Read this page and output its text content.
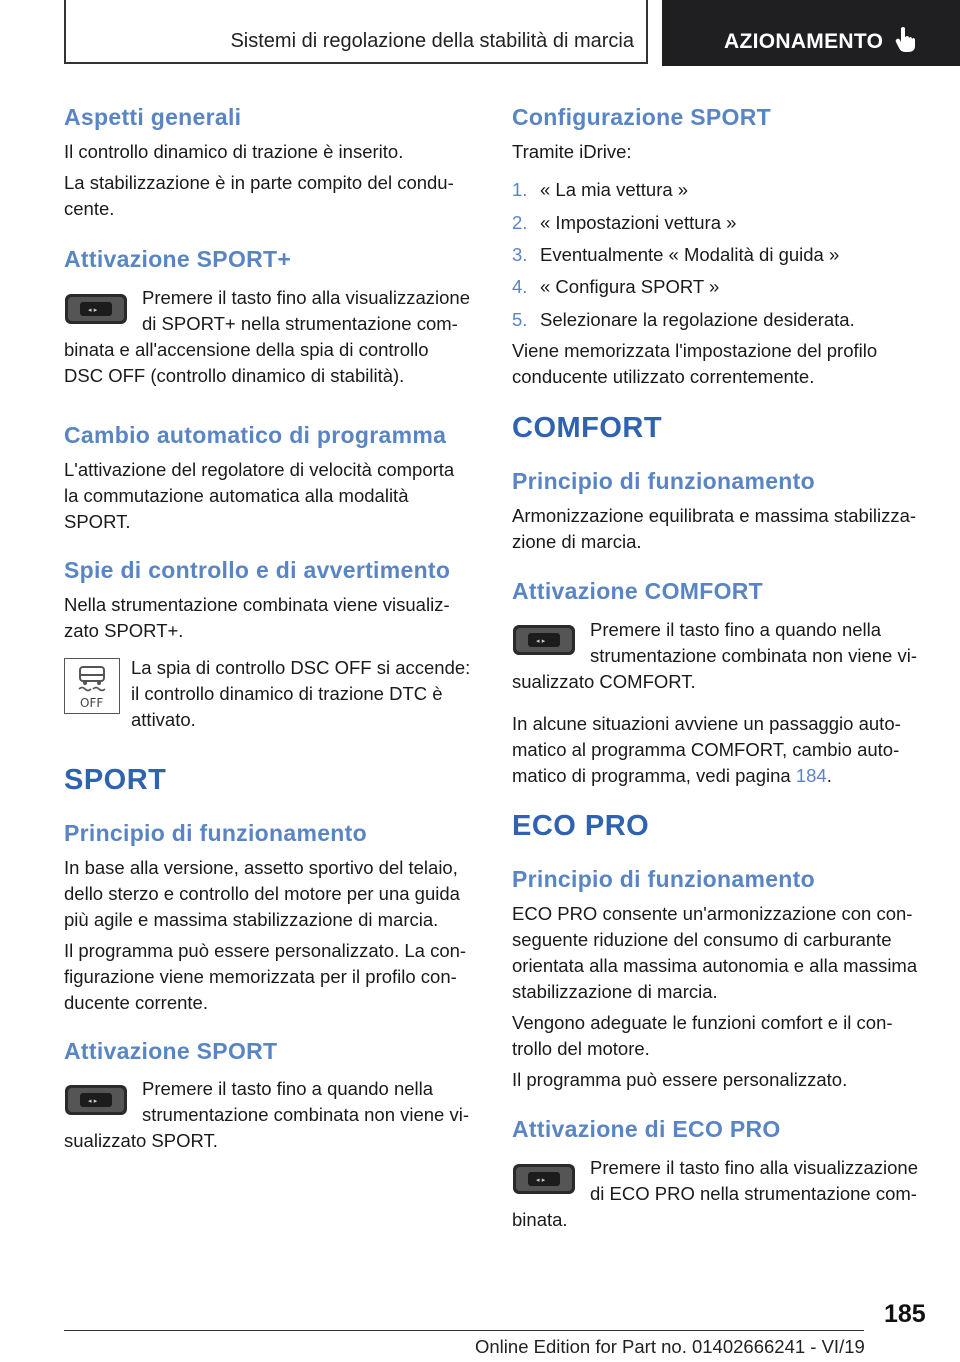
Sistemi di regolazione della stabilità di marcia	AZIONAMENTO
Aspetti generali
Il controllo dinamico di trazione è inserito.
La stabilizzazione è in parte compito del condu-
cente.
Attivazione SPORT+
◂ ▸
Premere il tasto fino alla visualizzazione
di SPORT+ nella strumentazione com-
binata e all'accensione della spia di controllo
DSC OFF (controllo dinamico di stabilità).
Cambio automatico di programma
L'attivazione del regolatore di velocità comporta
la commutazione automatica alla modalità
SPORT.
Spie di controllo e di avvertimento
Nella strumentazione combinata viene visualiz-
zato SPORT+.
OFF
La spia di controllo DSC OFF si accende:
il controllo dinamico di trazione DTC è
attivato.
SPORT
Principio di funzionamento
In base alla versione, assetto sportivo del telaio,
dello sterzo e controllo del motore per una guida
più agile e massima stabilizzazione di marcia.
Il programma può essere personalizzato. La con-
figurazione viene memorizzata per il profilo con-
ducente corrente.
Attivazione SPORT
◂ ▸
Premere il tasto fino a quando nella
strumentazione combinata non viene vi-
sualizzato SPORT.
Configurazione SPORT
Tramite iDrive:
1. « La mia vettura »
2. « Impostazioni vettura »
3. Eventualmente « Modalità di guida »
4. « Configura SPORT »
5. Selezionare la regolazione desiderata.
Viene memorizzata l'impostazione del profilo
conducente utilizzato correntemente.
COMFORT
Principio di funzionamento
Armonizzazione equilibrata e massima stabilizza-
zione di marcia.
Attivazione COMFORT
◂ ▸
Premere il tasto fino a quando nella
strumentazione combinata non viene vi-
sualizzato COMFORT.
In alcune situazioni avviene un passaggio auto-
matico al programma COMFORT, cambio auto-
matico di programma, vedi pagina 184.
ECO PRO
Principio di funzionamento
ECO PRO consente un'armonizzazione con con-
seguente riduzione del consumo di carburante
orientata alla massima autonomia e alla massima
stabilizzazione di marcia.
Vengono adeguate le funzioni comfort e il con-
trollo del motore.
Il programma può essere personalizzato.
Attivazione di ECO PRO
◂ ▸
Premere il tasto fino alla visualizzazione
di ECO PRO nella strumentazione com-
binata.
185
Online Edition for Part no. 01402666241 - VI/19
